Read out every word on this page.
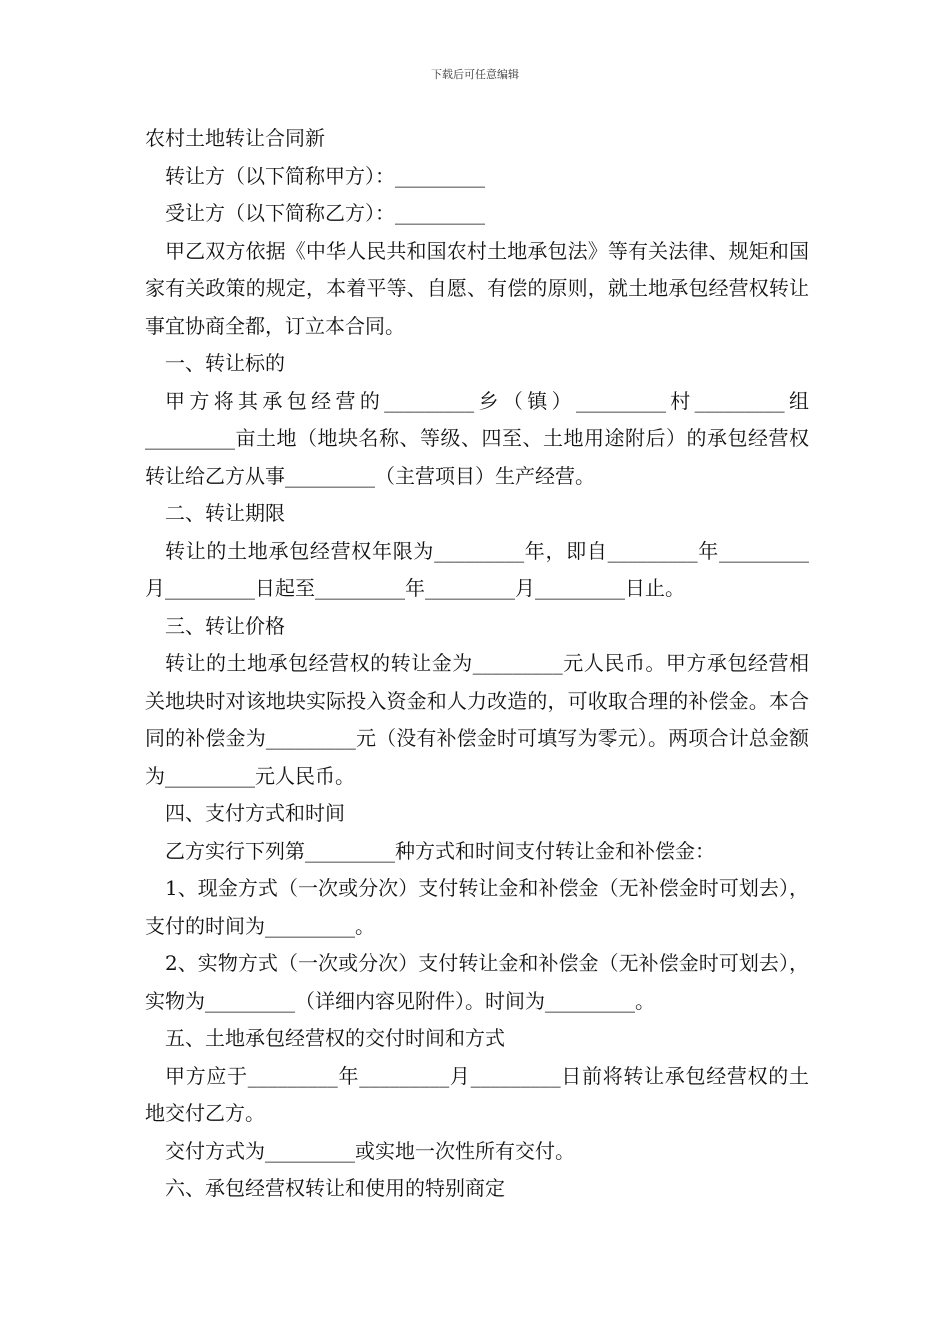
下载后可任意编辑
农村土地转让合同新

转让方（以下简称甲方）：_________

受让方（以下简称乙方）：_________

甲乙双方依据《中华人民共和国农村土地承包法》等有关法律、规矩和国家有关政策的规定，本着平等、自愿、有偿的原则，就土地承包经营权转让事宜协商全都，订立本合同。

一、转让标的

甲方将其承包经营的_________乡（镇）_________村_________组_________亩土地（地块名称、等级、四至、土地用途附后）的承包经营权转让给乙方从事_________（主营项目）生产经营。

二、转让期限

转让的土地承包经营权年限为_________年，即自_________年_________月_________日起至_________年_________月_________日止。

三、转让价格

转让的土地承包经营权的转让金为_________元人民币。甲方承包经营相关地块时对该地块实际投入资金和人力改造的，可收取合理的补偿金。本合同的补偿金为_________元（没有补偿金时可填写为零元）。两项合计总金额为_________元人民币。

四、支付方式和时间

乙方实行下列第_________种方式和时间支付转让金和补偿金：

1、现金方式（一次或分次）支付转让金和补偿金（无补偿金时可划去），支付的时间为_________。

2、实物方式（一次或分次）支付转让金和补偿金（无补偿金时可划去），实物为_________（详细内容见附件）。时间为_________。

五、土地承包经营权的交付时间和方式

甲方应于_________年_________月_________日前将转让承包经营权的土地交付乙方。

交付方式为_________或实地一次性所有交付。

六、承包经营权转让和使用的特别商定
